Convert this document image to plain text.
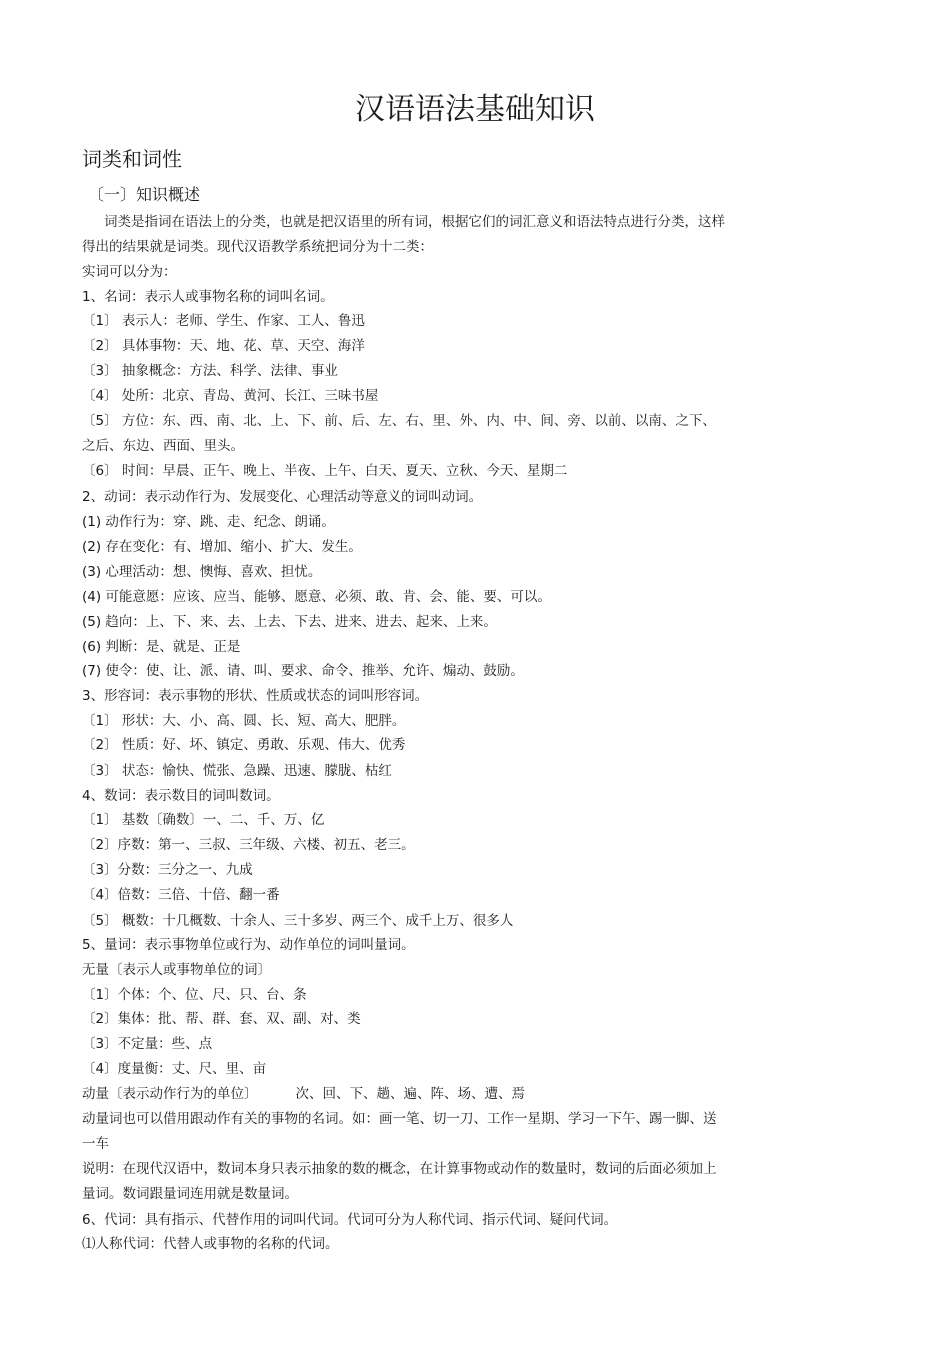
汉语语法基础知识
词类和词性
〔一〕知识概述
词类是指词在语法上的分类，也就是把汉语里的所有词，根据它们的词汇意义和语法特点进行分类，这样
得出的结果就是词类。现代汉语教学系统把词分为十二类：
实词可以分为：
1、名词：表示人或事物名称的词叫名词。
〔1〕 表示人：老师、学生、作家、工人、鲁迅
〔2〕 具体事物：天、地、花、草、天空、海洋
〔3〕 抽象概念：方法、科学、法律、事业
〔4〕 处所：北京、青岛、黄河、长江、三味书屋
〔5〕 方位：东、西、南、北、上、下、前、后、左、右、里、外、内、中、间、旁、以前、以南、之下、
之后、东边、西面、里头。
〔6〕 时间：早晨、正午、晚上、半夜、上午、白天、夏天、立秋、今天、星期二
2、动词：表示动作行为、发展变化、心理活动等意义的词叫动词。
(1) 动作行为：穿、跳、走、纪念、朗诵。
(2) 存在变化：有、增加、缩小、扩大、发生。
(3) 心理活动：想、懊悔、喜欢、担忧。
(4) 可能意愿：应该、应当、能够、愿意、必须、敢、肯、会、能、要、可以。
(5) 趋向：上、下、来、去、上去、下去、进来、进去、起来、上来。
(6) 判断：是、就是、正是
(7) 使令：使、让、派、请、叫、要求、命令、推举、允许、煽动、鼓励。
3、形容词：表示事物的形状、性质或状态的词叫形容词。
〔1〕 形状：大、小、高、圆、长、短、高大、肥胖。
〔2〕 性质：好、坏、镇定、勇敢、乐观、伟大、优秀
〔3〕 状态：愉快、慌张、急躁、迅速、朦胧、枯红
4、数词：表示数目的词叫数词。
〔1〕 基数〔确数〕一、二、千、万、亿
〔2〕序数：第一、三叔、三年级、六楼、初五、老三。
〔3〕分数：三分之一、九成
〔4〕倍数：三倍、十倍、翻一番
〔5〕 概数：十几概数、十余人、三十多岁、两三个、成千上万、很多人
5、量词：表示事物单位或行为、动作单位的词叫量词。
无量〔表示人或事物单位的词〕
〔1〕个体：个、位、尺、只、台、条
〔2〕集体：批、帮、群、套、双、副、对、类
〔3〕不定量：些、点
〔4〕度量衡：丈、尺、里、亩
动量〔表示动作行为的单位〕	次、回、下、趟、遍、阵、场、遭、焉
动量词也可以借用跟动作有关的事物的名词。如：画一笔、切一刀、工作一星期、学习一下午、踢一脚、送
一车
说明：在现代汉语中，数词本身只表示抽象的数的概念，在计算事物或动作的数量时，数词的后面必须加上
量词。数词跟量词连用就是数量词。
6、代词：具有指示、代替作用的词叫代词。代词可分为人称代词、指示代词、疑问代词。
⑴人称代词：代替人或事物的名称的代词。
